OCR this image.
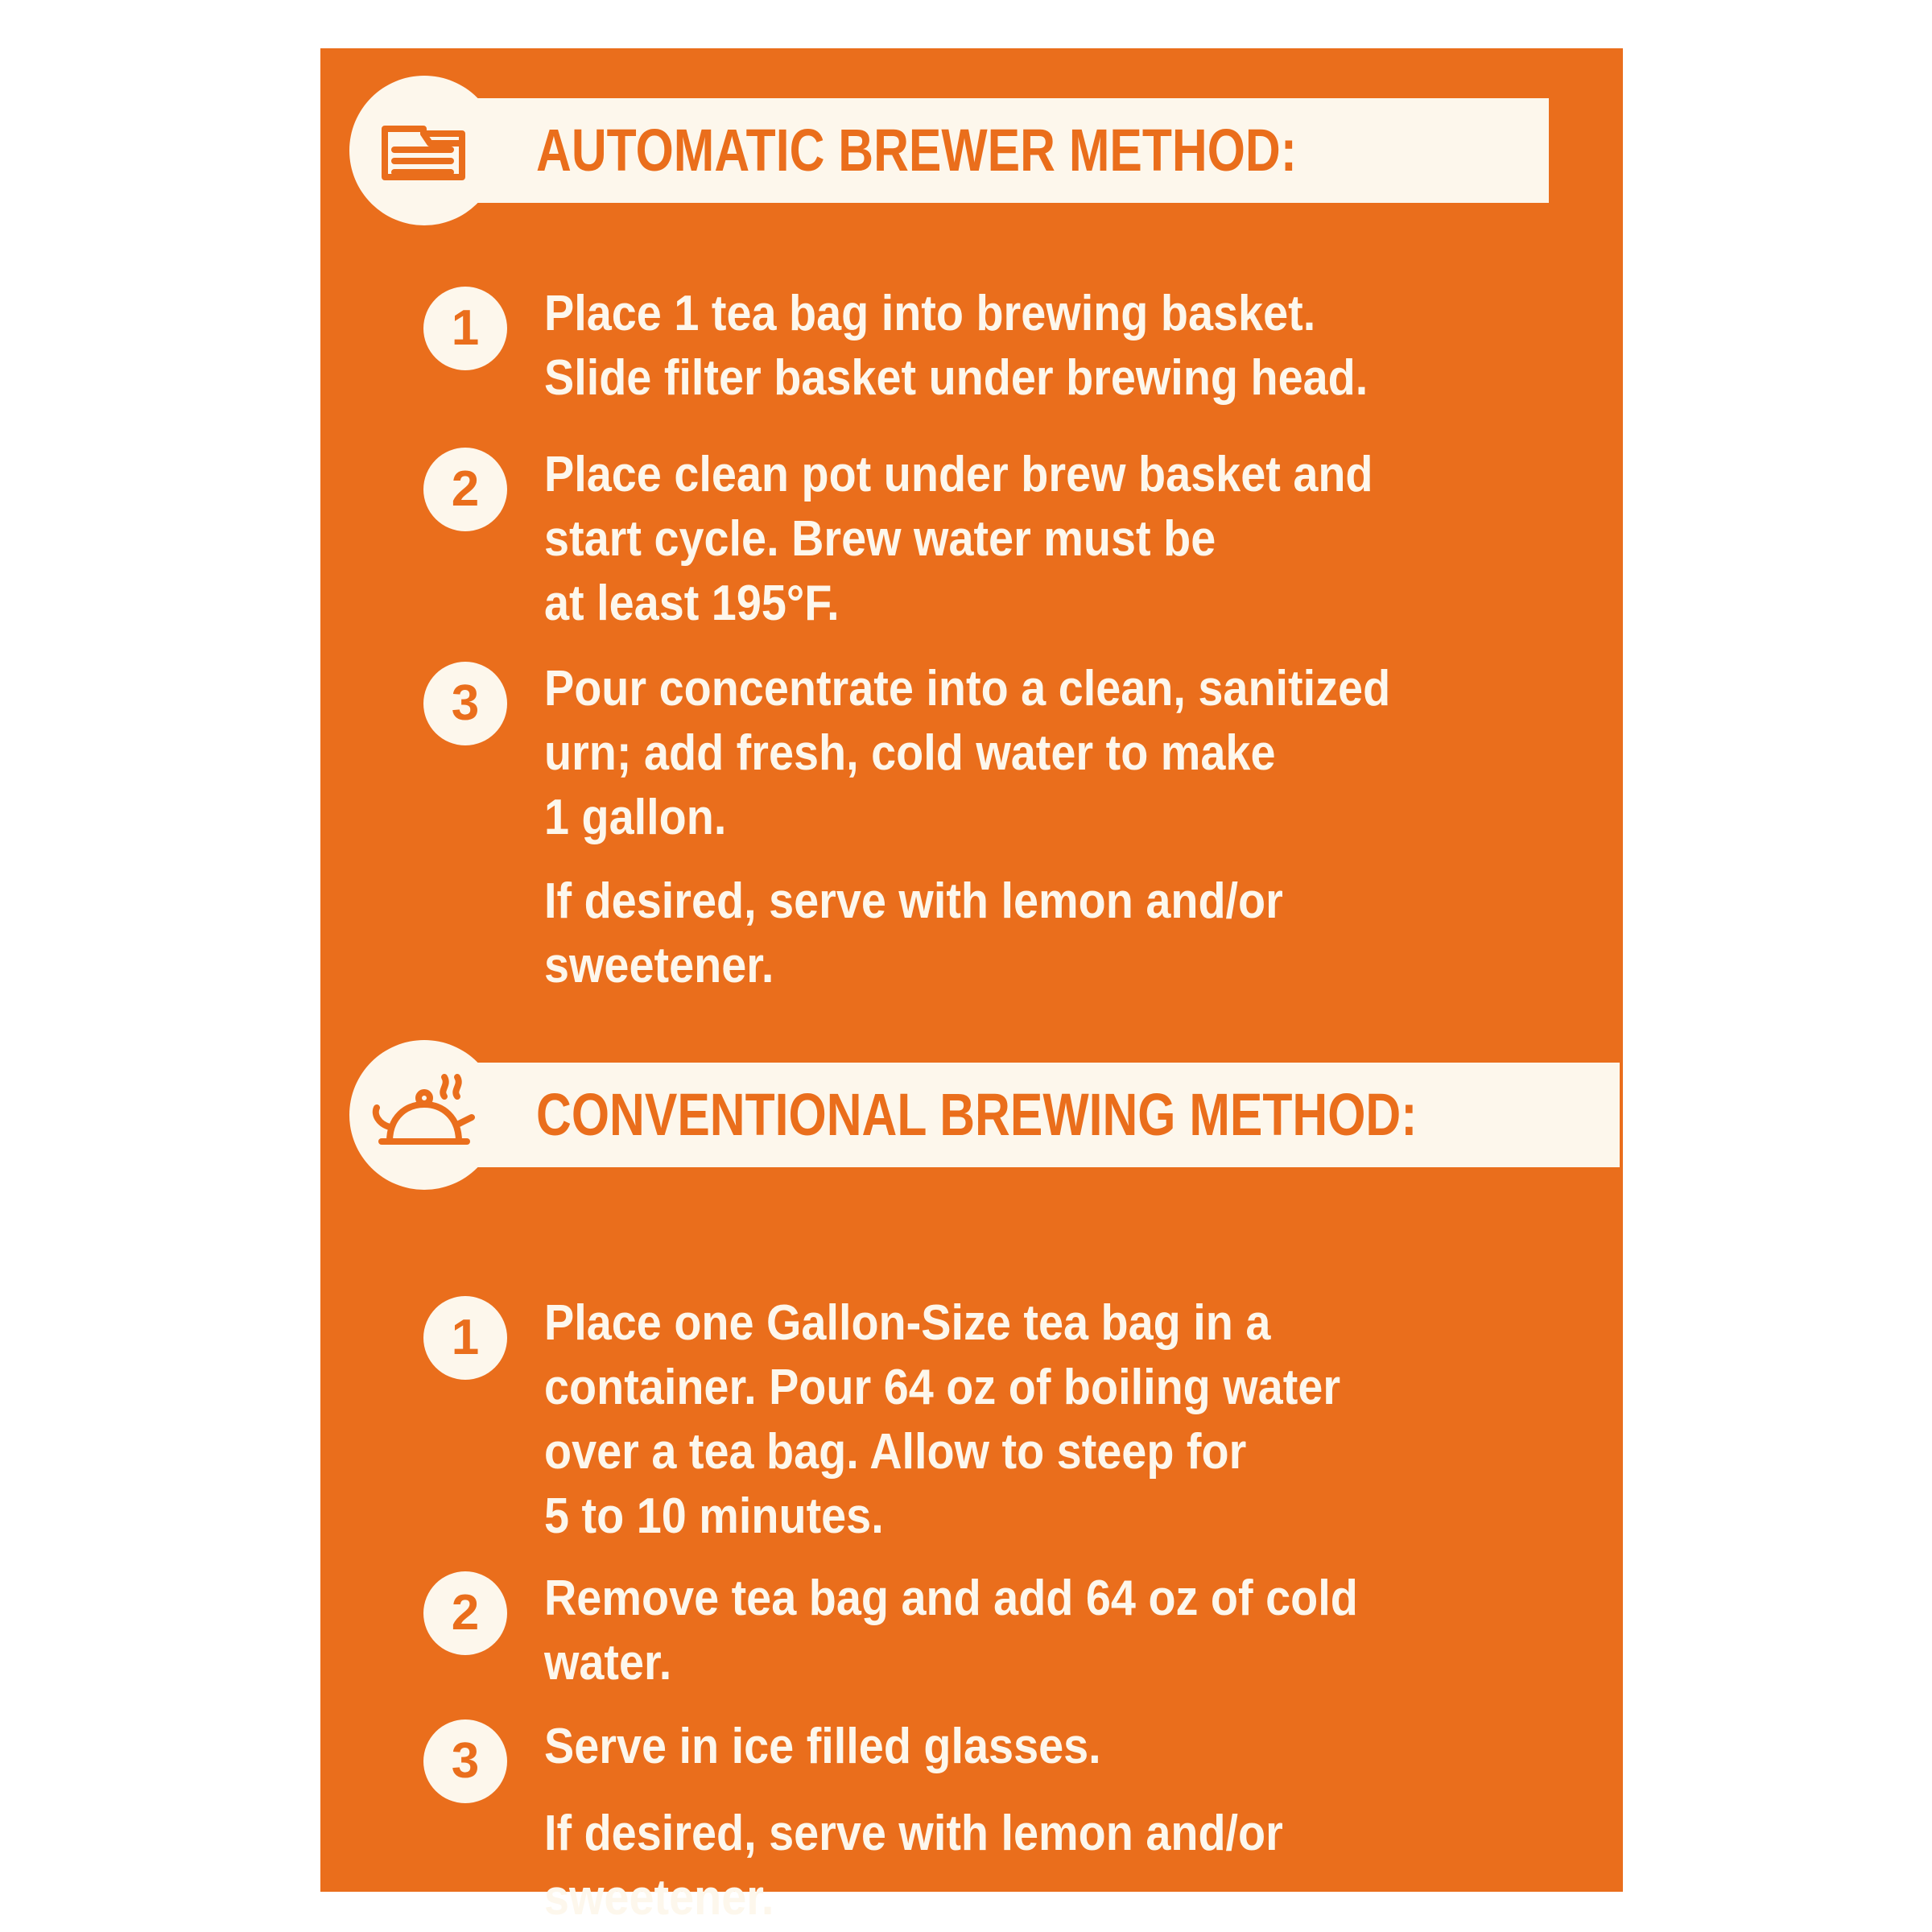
AUTOMATIC BREWER METHOD:
1	Place 1 tea bag into brewing basket.
Slide filter basket under brewing head.
2	Place clean pot under brew basket and
start cycle. Brew water must be
at least 195°F.
3	Pour concentrate into a clean, sanitized
urn; add fresh, cold water to make
1 gallon.
If desired, serve with lemon and/or
sweetener.
CONVENTIONAL BREWING METHOD:
1	Place one Gallon-Size tea bag in a
container. Pour 64 oz of boiling water
over a tea bag. Allow to steep for
5 to 10 minutes.
2	Remove tea bag and add 64 oz of cold
water.
3	Serve in ice filled glasses.
If desired, serve with lemon and/or
sweetener.
